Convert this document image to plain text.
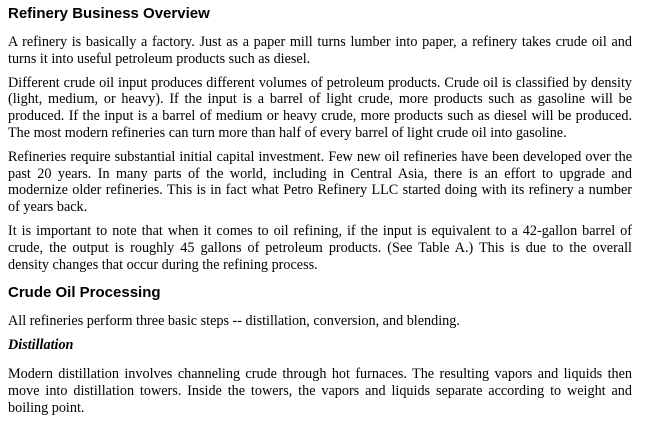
Refinery Business Overview

A refinery is basically a factory. Just as a paper mill turns lumber into paper, a refinery takes crude oil and turns it into useful petroleum products such as diesel.

Different crude oil input produces different volumes of petroleum products. Crude oil is classified by density (light, medium, or heavy). If the input is a barrel of light crude, more products such as gasoline will be produced. If the input is a barrel of medium or heavy crude, more products such as diesel will be produced. The most modern refineries can turn more than half of every barrel of light crude oil into gasoline.

Refineries require substantial initial capital investment. Few new oil refineries have been developed over the past 20 years. In many parts of the world, including in Central Asia, there is an effort to upgrade and modernize older refineries. This is in fact what Petro Refinery LLC started doing with its refinery a number of years back.

It is important to note that when it comes to oil refining, if the input is equivalent to a 42-gallon barrel of crude, the output is roughly 45 gallons of petroleum products. (See Table A.) This is due to the overall density changes that occur during the refining process.

Crude Oil Processing

All refineries perform three basic steps -- distillation, conversion, and blending.

Distillation

Modern distillation involves channeling crude through hot furnaces. The resulting vapors and liquids then move into distillation towers. Inside the towers, the vapors and liquids separate according to weight and boiling point.
